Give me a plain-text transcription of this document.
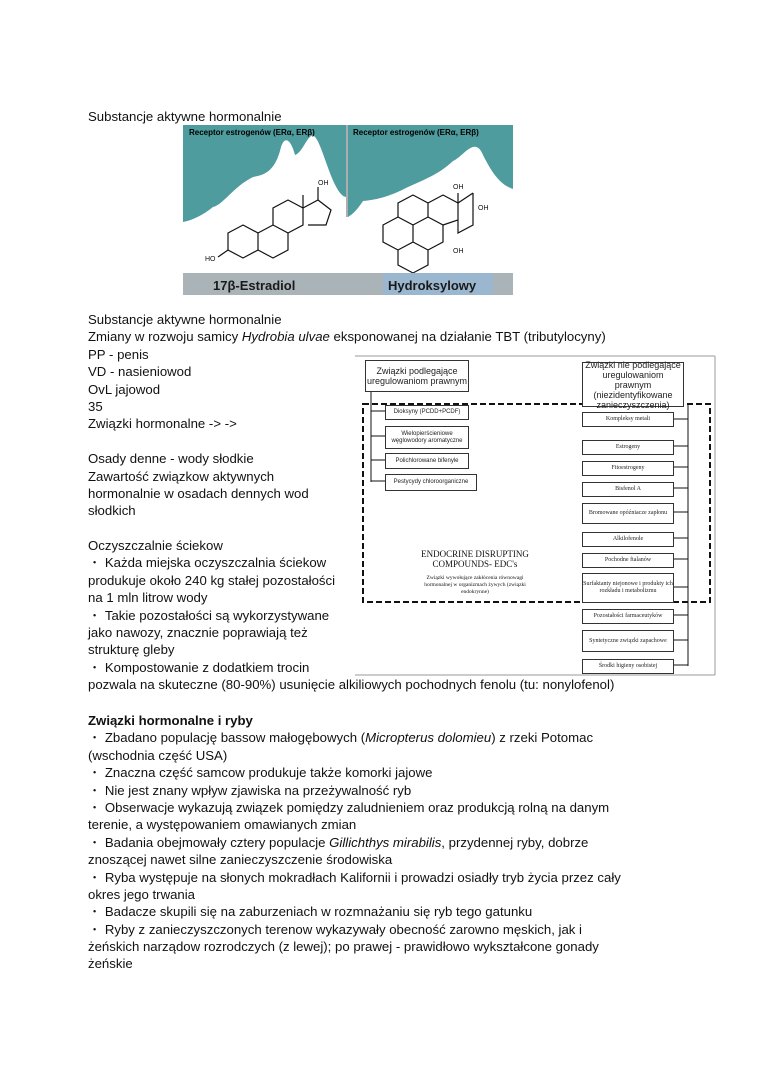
Substancje aktywne hormonalnie
Receptor estrogenów (ERα, ERβ)	Receptor estrogenów (ERα, ERβ)
OH
HO
OH
OH
OH
17β-Estradiol	Hydroksylowy
Substancje aktywne hormonalnie
Zmiany w rozwoju samicy Hydrobia ulvae eksponowanej na działanie TBT (tributylocyny)
PP - penis
VD - nasieniowod
OvL jajowod
35
Związki hormonalne -> ->
Osady denne - wody słodkie
Zawartość związkow aktywnych
hormonalnie w osadach dennych wod
słodkich
Oczyszczalnie ściekow
・ Każda miejska oczyszczalnia ściekow
produkuje około 240 kg stałej pozostałości
na 1 mln litrow wody
・ Takie pozostałości są wykorzystywane
jako nawozy, znacznie poprawiają też
strukturę gleby
・ Kompostowanie z dodatkiem trocin
pozwala na skuteczne (80-90%) usunięcie alkiliowych pochodnych fenolu (tu: nonylofenol)
Związki podlegające uregulowaniom prawnym
Związki nie podlegające uregulowaniom prawnym (niezidentyfikowane zanieczyszczenia)
Dioksyny (PCDD+PCDF)
Wielopierścieniowe węglowodory aromatyczne
Polichlorowane bifenyle
Pestycydy chloroorganiczne
Kompleksy metali
Estrogeny
Fitoestrogeny
Bisfenol A
Bromowane opóźniacze zapłonu
Alkilofenole
Pochodne ftalanów
Surfaktanty niejonowe i produkty ich rozkładu i metabolizmu
Pozostałości farmaceutyków
Syntetyczne związki zapachowe
Środki higieny osobistej
ENDOCRINE DISRUPTING
COMPOUNDS- EDC's
Związki wywołujące zakłócenia równowagi hormonalnej w organizmach żywych (związki endokrynne)
Związki hormonalne i ryby
・ Zbadano populację bassow małogębowych (Micropterus dolomieu) z rzeki Potomac
(wschodnia część USA)
・ Znaczna część samcow produkuje także komorki jajowe
・ Nie jest znany wpływ zjawiska na przeżywalność ryb
・ Obserwacje wykazują związek pomiędzy zaludnieniem oraz produkcją rolną na danym
terenie, a występowaniem omawianych zmian
・ Badania obejmowały cztery populacje Gillichthys mirabilis, przydennej ryby, dobrze
znoszącej nawet silne zanieczyszczenie środowiska
・ Ryba występuje na słonych mokradłach Kalifornii i prowadzi osiadły tryb życia przez cały
okres jego trwania
・ Badacze skupili się na zaburzeniach w rozmnażaniu się ryb tego gatunku
・ Ryby z zanieczyszczonych terenow wykazywały obecność zarowno męskich, jak i
żeńskich narządow rozrodczych (z lewej); po prawej - prawidłowo wykształcone gonady
żeńskie
